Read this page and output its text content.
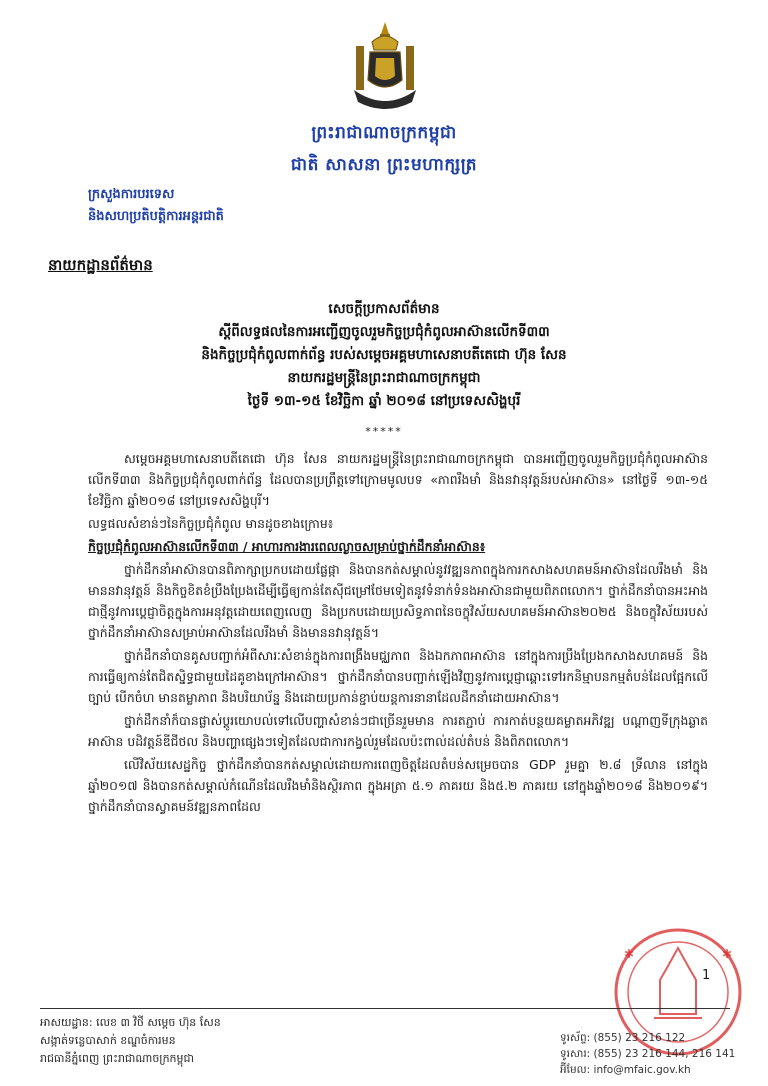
ព្រះរាជាណាចក្រកម្ពុជា
ជាតិ សាសនា ព្រះមហាក្សត្រ
ក្រសួងការបរទេស
និងសហប្រតិបត្តិការអន្តរជាតិ
នាយកដ្ឋានព័ត៌មាន
សេចក្តីប្រកាសព័ត៌មាន
ស្តីពីលទ្ធផលនៃការអញ្ជើញចូលរួមកិច្ចប្រជុំកំពូលអាស៊ានលើកទី៣៣
និងកិច្ចប្រជុំកំពូលពាក់ព័ន្ធ របស់សម្តេចអគ្គមហាសេនាបតីតេជោ ហ៊ុន សែន
នាយករដ្ឋមន្ត្រីនៃព្រះរាជាណាចក្រកម្ពុជា
ថ្ងៃទី ១៣-១៥ ខែវិច្ឆិកា ឆ្នាំ ២០១៨ នៅប្រទេសសិង្ហបុរី
*****

សម្តេចអគ្គមហាសេនាបតីតេជោ ហ៊ុន សែន នាយករដ្ឋមន្ត្រីនៃព្រះរាជាណាចក្រកម្ពុជា បានអញ្ជើញចូលរួមកិច្ចប្រជុំកំពូលអាស៊ានលើកទី៣៣ និងកិច្ចប្រជុំកំពូលពាក់ព័ន្ធ ដែលបានប្រព្រឹត្តទៅក្រោមមូលបទ «ភាពរឹងមាំ និងនវានុវត្តន៍របស់អាស៊ាន» នៅថ្ងៃទី ១៣-១៥ ខែវិច្ឆិកា ឆ្នាំ២០១៨ នៅប្រទេសសិង្ហបុរី។

លទ្ធផលសំខាន់ៗនៃកិច្ចប្រជុំកំពូល មានដូចខាងក្រោម៖

កិច្ចប្រជុំកំពូលអាស៊ានលើកទី៣៣ / អាហារការងារពេលល្ងាចសម្រាប់ថ្នាក់ដឹកនាំអាស៊ាន៖

ថ្នាក់ដឹកនាំអាស៊ានបានពិភាក្សាប្រកបដោយផ្លែផ្កា និងបានកត់សម្គាល់នូវវឌ្ឍនភាពក្នុងការកសាងសហគមន៍អាស៊ានដែលរឹងមាំ និងមាននវានុវត្តន៍ និងកិច្ចខិតខំប្រឹងប្រែងដើម្បីធ្វើឲ្យកាន់តែស៊ីជម្រៅថែមទៀតនូវទំនាក់ទំនងអាស៊ានជាមួយពិភពលោក។ ថ្នាក់ដឹកនាំបានអះអាងជាថ្មីនូវការប្តេជ្ញាចិត្តក្នុងការអនុវត្តដោយពេញលេញ និងប្រកបដោយប្រសិទ្ធភាពនៃចក្ខុវិស័យសហគមន៍អាស៊ាន២០២៥ និងចក្ខុវិស័យរបស់ថ្នាក់ដឹកនាំអាស៊ានសម្រាប់អាស៊ានដែលរឹងមាំ និងមាននវានុវត្តន៍។

ថ្នាក់ដឹកនាំបានគូសបញ្ជាក់អំពីសារៈសំខាន់ក្នុងការពង្រឹងមជ្ឈភាព និងឯកភាពអាស៊ាន នៅក្នុងការប្រឹងប្រែងកសាងសហគមន៍ និងការធ្វើឲ្យកាន់តែជិតស្និទ្ធជាមួយដៃគូខាងក្រៅអាស៊ាន។ ថ្នាក់ដឹកនាំបានបញ្ជាក់ឡើងវិញនូវការប្តេជ្ញាឆ្ពោះទៅរកនិម្មាបនកម្មតំបន់ដែលផ្អែកលើច្បាប់ បើកចំហ មានតម្លាភាព និងបរិយាប័ន្ន និងដោយប្រកាន់ខ្ជាប់យន្តការនានាដែលដឹកនាំដោយអាស៊ាន។

ថ្នាក់ដឹកនាំក៏បានផ្លាស់ប្តូរយោបល់ទៅលើបញ្ហាសំខាន់ៗជាច្រើនរួមមាន ការតភ្ជាប់ ការកាត់បន្ថយគម្លាតអភិវឌ្ឍ បណ្តាញទីក្រុងឆ្លាតអាស៊ាន បដិវត្តន៍ឌីជីថល និងបញ្ហាផ្សេងៗទៀតដែលជាការកង្វល់រួមដែលប៉ះពាល់ដល់តំបន់ និងពិភពលោក។

លើវិស័យសេដ្ឋកិច្ច ថ្នាក់ដឹកនាំបានកត់សម្គាល់ដោយការពេញចិត្តដែលតំបន់សម្រេចបាន GDP រួមគ្នា ២.៨ ទ្រីលាន នៅក្នុងឆ្នាំ២០១៧ និងបានកត់សម្គាល់កំណើនដែលរឹងមាំនិងស្ថិរភាព ក្នុងអត្រា ៥.១ ភាគរយ និង៥.២ ភាគរយ នៅក្នុងឆ្នាំ២០១៨ និង២០១៩។ ថ្នាក់ដឹកនាំបានស្វាគមន៍វឌ្ឍនភាពដែល

✱	✱
1
អាសយដ្ឋាន: លេខ ៣ វិថី សម្តេច ហ៊ុន សែន
សង្កាត់ទន្លេបាសាក់ ខណ្ឌចំការមន
រាជធានីភ្នំពេញ ព្រះរាជាណាចក្រកម្ពុជា
ទូរស័ព្ទ: (855) 23 216 122
ទូរសារ: (855) 23 216 144, 216 141
អ៊ីមែល: info@mfaic.gov.kh
